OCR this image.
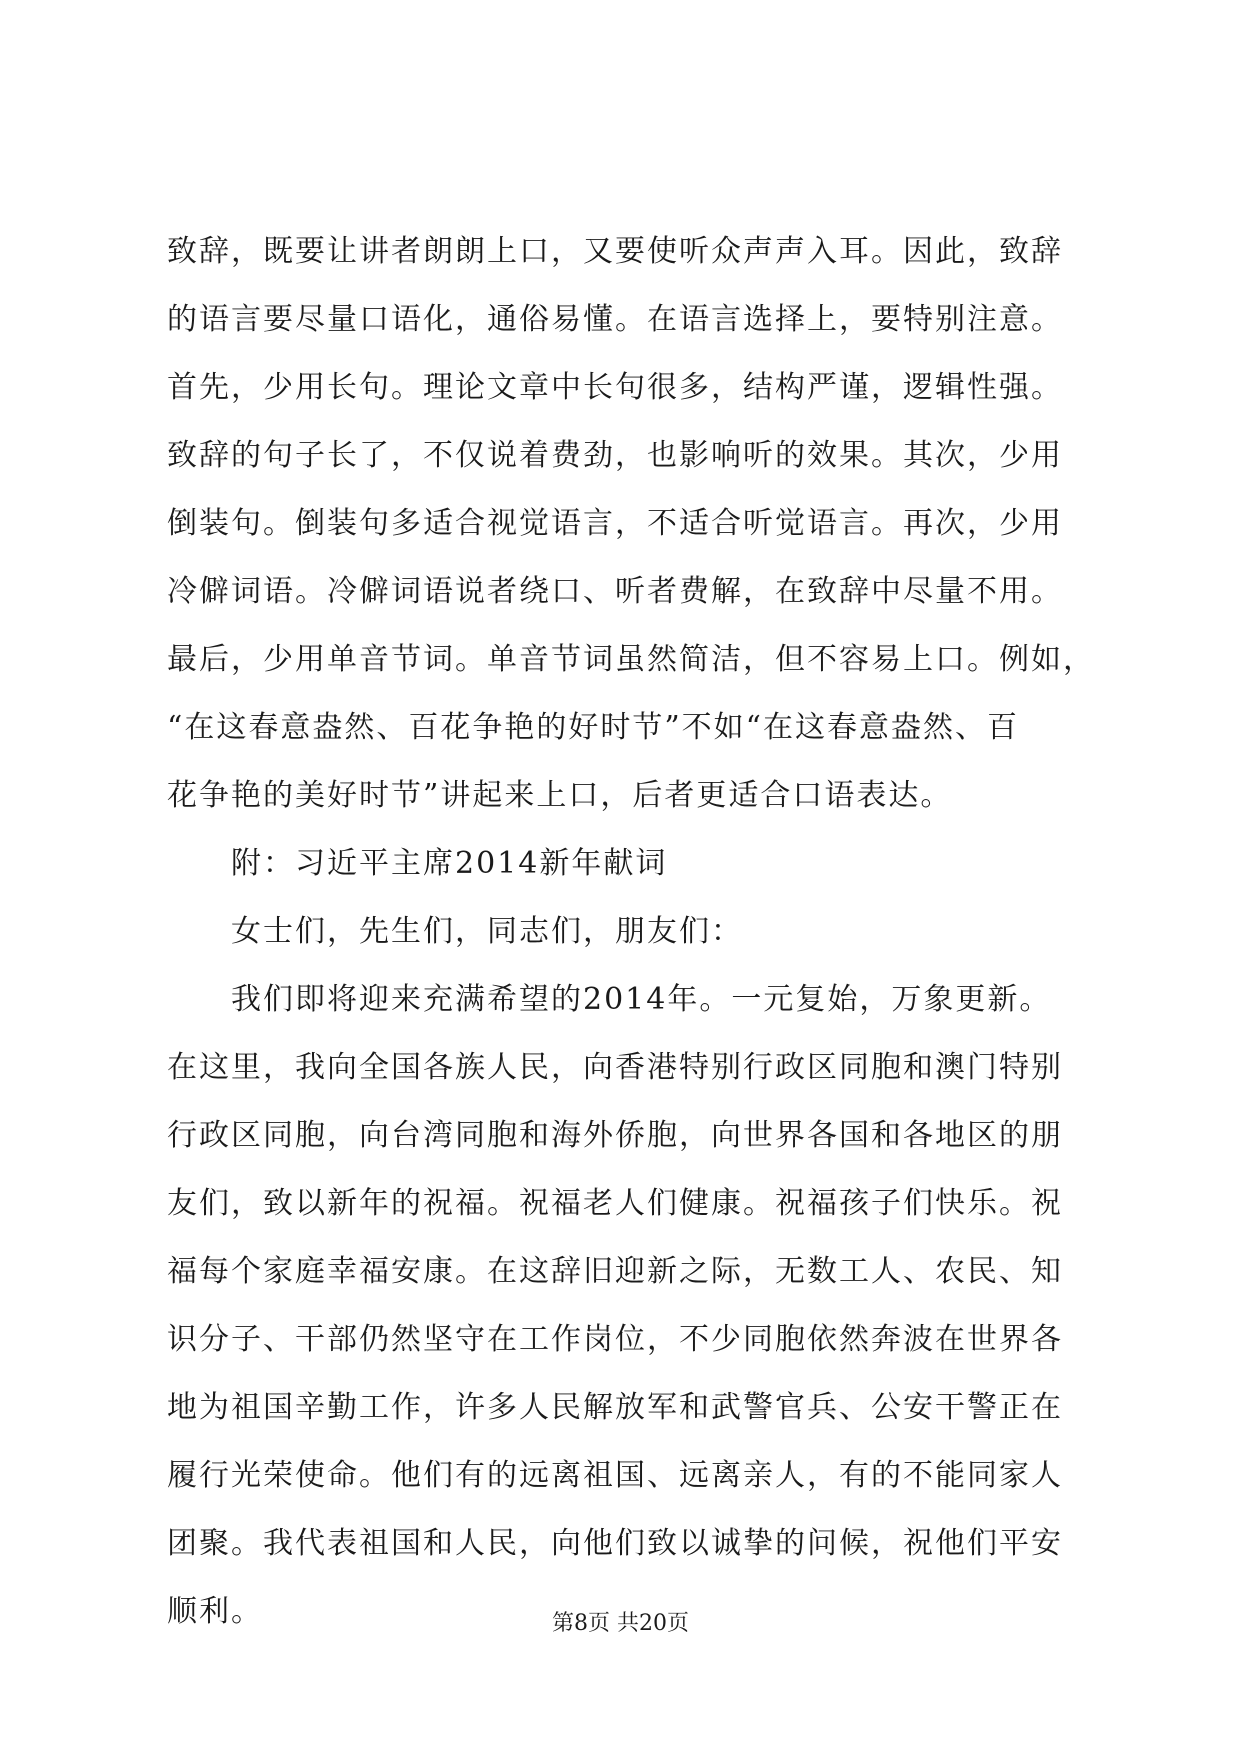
致辞，既要让讲者朗朗上口，又要使听众声声入耳。因此，致辞
的语言要尽量口语化，通俗易懂。在语言选择上，要特别注意。
首先，少用长句。理论文章中长句很多，结构严谨，逻辑性强。
致辞的句子长了，不仅说着费劲，也影响听的效果。其次，少用
倒装句。倒装句多适合视觉语言，不适合听觉语言。再次，少用
冷僻词语。冷僻词语说者绕口、听者费解，在致辞中尽量不用。
最后，少用单音节词。单音节词虽然简洁，但不容易上口。例如，
“在这春意盎然、百花争艳的好时节”不如“在这春意盎然、百
花争艳的美好时节”讲起来上口，后者更适合口语表达。
附：习近平主席2014新年献词
女士们，先生们，同志们，朋友们：
我们即将迎来充满希望的2014年。一元复始，万象更新。
在这里，我向全国各族人民，向香港特别行政区同胞和澳门特别
行政区同胞，向台湾同胞和海外侨胞，向世界各国和各地区的朋
友们，致以新年的祝福。祝福老人们健康。祝福孩子们快乐。祝
福每个家庭幸福安康。在这辞旧迎新之际，无数工人、农民、知
识分子、干部仍然坚守在工作岗位，不少同胞依然奔波在世界各
地为祖国辛勤工作，许多人民解放军和武警官兵、公安干警正在
履行光荣使命。他们有的远离祖国、远离亲人，有的不能同家人
团聚。我代表祖国和人民，向他们致以诚挚的问候，祝他们平安
顺利。	第8页 共20页
